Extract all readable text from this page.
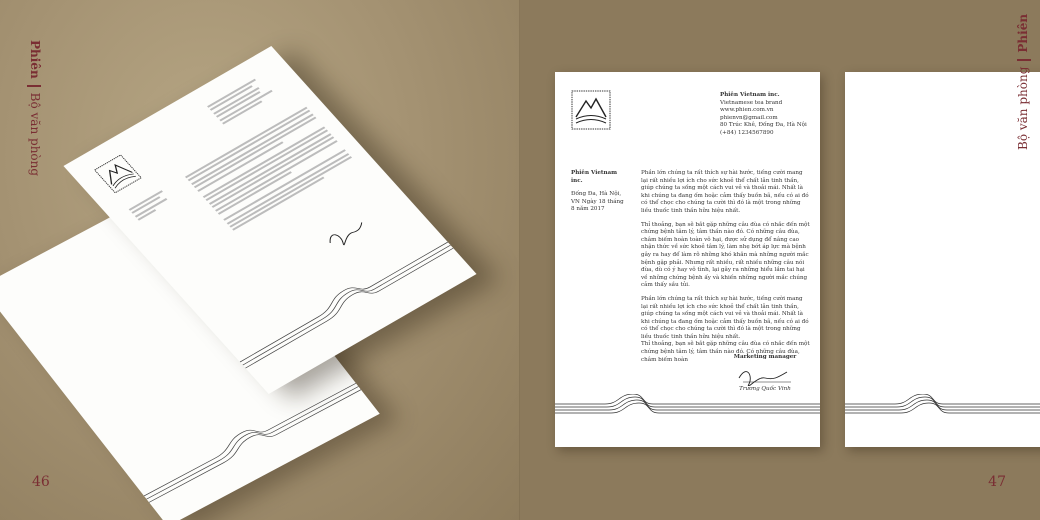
PhiênBộ văn phòng
46
Phiên Vietnam inc.
Vietnamese tea brand
www.phien.com.vn
phienvn@gmail.com
80 Trúc Khê, Đống Đa, Hà Nội
(+84) 1234567890
Phiên Vietnam inc.
Đống Đa, Hà Nội, VN Ngày 18 tháng 8 năm 2017

Phần lớn chúng ta rất thích sự hài hước, tiếng cười mang lại rất nhiều lợi ích cho sức khoẻ thể chất lẫn tinh thần, giúp chúng ta sống một cách vui vẻ và thoải mái. Nhất là khi chúng ta đang ốm hoặc cảm thấy buồn bã, nếu có ai đó có thể chọc cho chúng ta cười thì đó là một trong những liều thuốc tinh thần hữu hiệu nhất.

Thỉ thoảng, bạn sẽ bắt gặp những câu đùa có nhắc đến một chứng bệnh tâm lý, tâm thần nào đó. Có những câu đùa, châm biếm hoàn toàn vô hại, được sử dụng để nâng cao nhận thức về sức khoẻ tâm lý, làm nhẹ bớt áp lực mà bệnh gây ra hay để làm rõ những khó khăn mà những người mắc bệnh gặp phải. Nhưng rất nhiều, rất nhiều những câu nói đùa, dù có ý hay vô tình, lại gây ra những hiểu lầm tai hại về những chứng bệnh ấy và khiến những người mắc chúng cảm thấy sầu tủi.

Phần lớn chúng ta rất thích sự hài hước, tiếng cười mang lại rất nhiều lợi ích cho sức khoẻ thể chất lẫn tinh thần, giúp chúng ta sống một cách vui vẻ và thoải mái. Nhất là khi chúng ta đang ốm hoặc cảm thấy buồn bã, nếu có ai đó có thể chọc cho chúng ta cười thì đó là một trong những liều thuốc tinh thần hữu hiệu nhất.

Thỉ thoảng, bạn sẽ bắt gặp những câu đùa có nhắc đến một chứng bệnh tâm lý, tâm thần nào đó. Có những câu đùa, châm biếm hoàn	Marketing manager
Trương Quốc Vinh
Bộ văn phòngPhiên
47
